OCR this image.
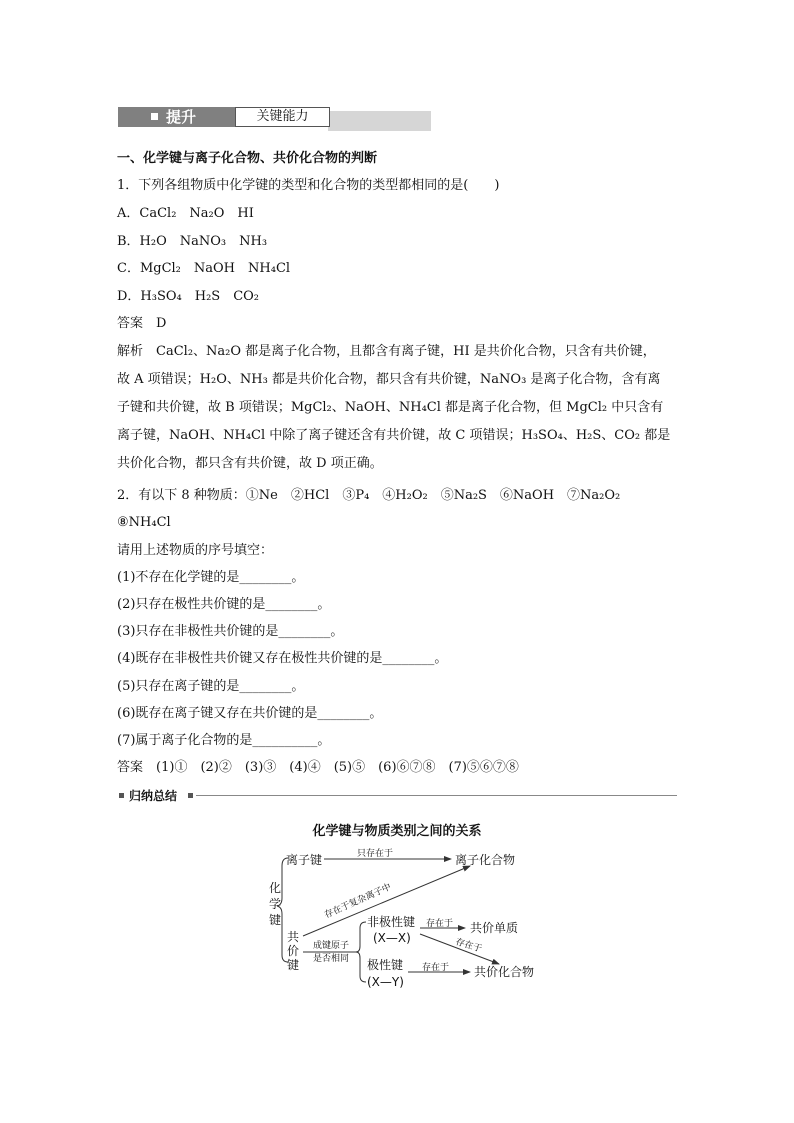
提升	关键能力
一、化学键与离子化合物、共价化合物的判断
1．下列各组物质中化学键的类型和化合物的类型都相同的是(　　)
A．CaCl₂　Na₂O　HI
B．H₂O　NaNO₃　NH₃
C．MgCl₂　NaOH　NH₄Cl
D．H₃SO₄　H₂S　CO₂
答案　 D
解析　 CaCl₂、Na₂O 都是离子化合物，且都含有离子键，HI 是共价化合物，只含有共价键，
故 A 项错误；H₂O、NH₃ 都是共价化合物，都只含有共价键，NaNO₃ 是离子化合物，含有离
子键和共价键，故 B 项错误；MgCl₂、NaOH、NH₄Cl 都是离子化合物，但 MgCl₂ 中只含有
离子键，NaOH、NH₄Cl 中除了离子键还含有共价键，故 C 项错误；H₃SO₄、H₂S、CO₂ 都是
共价化合物，都只含有共价键，故 D 项正确。
2．有以下 8 种物质：①Ne　②HCl　③P₄　④H₂O₂　⑤Na₂S　⑥NaOH　⑦Na₂O₂
⑧NH₄Cl
请用上述物质的序号填空：
(1)不存在化学键的是________。
(2)只存在极性共价键的是________。
(3)只存在非极性共价键的是________。
(4)既存在非极性共价键又存在极性共价键的是________。
(5)只存在离子键的是________。
(6)既存在离子键又存在共价键的是________。
(7)属于离子化合物的是__________。
答案　 (1)①　(2)②　(3)③　(4)④　(5)⑤　(6)⑥⑦⑧　(7)⑤⑥⑦⑧
归纳总结
化学键与物质类别之间的关系
化
学
键
离子键
共
价
键
只存在于	离子化合物
存在于复杂离子中
成键原子
是否相同
非极性键
(X—X)
极性键
(X—Y)
存在于
存在于
存在于
共价单质
共价化合物
